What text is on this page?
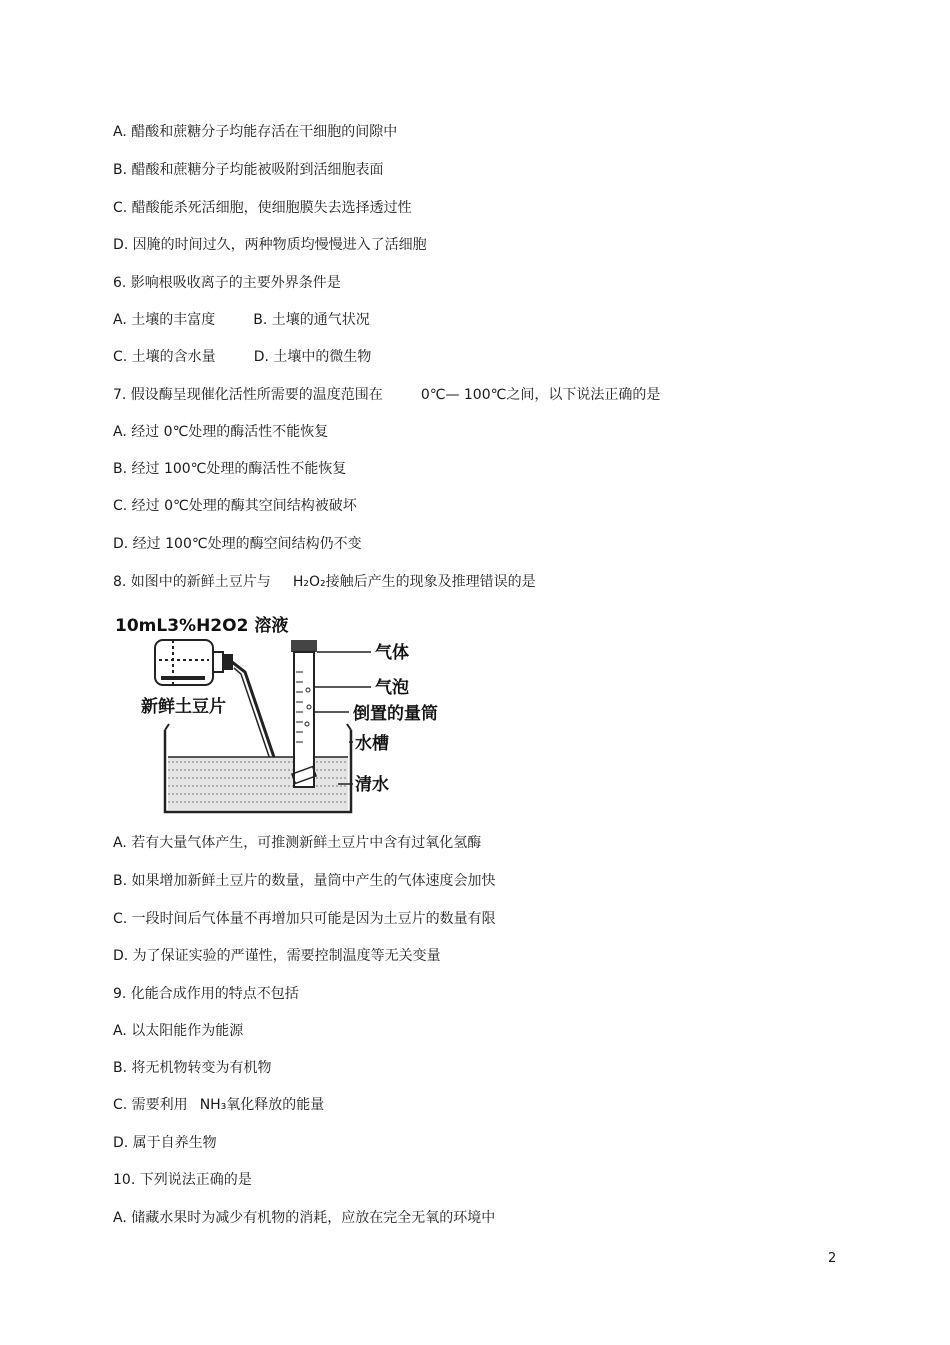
A. 醋酸和蔗糖分子均能存活在干细胞的间隙中
B. 醋酸和蔗糖分子均能被吸附到活细胞表面
C. 醋酸能杀死活细胞，使细胞膜失去选择透过性
D. 因腌的时间过久，两种物质均慢慢进入了活细胞
6. 影响根吸收离子的主要外界条件是
A. 土壤的丰富度	B. 土壤的通气状况
C. 土壤的含水量	D. 土壤中的微生物
7. 假设酶呈现催化活性所需要的温度范围在	0℃— 100℃之间，以下说法正确的是
A. 经过 0℃处理的酶活性不能恢复
B. 经过 100℃处理的酶活性不能恢复
C. 经过 0℃处理的酶其空间结构被破坏
D. 经过 100℃处理的酶空间结构仍不变
8. 如图中的新鲜土豆片与 H₂O₂接触后产生的现象及推理错误的是
10mL3%H2O2 溶液
新鲜土豆片
气体
气泡
倒置的量筒
水槽
清水
A. 若有大量气体产生，可推测新鲜土豆片中含有过氧化氢酶
B. 如果增加新鲜土豆片的数量，量筒中产生的气体速度会加快
C. 一段时间后气体量不再增加只可能是因为土豆片的数量有限
D. 为了保证实验的严谨性，需要控制温度等无关变量
9. 化能合成作用的特点不包括
A. 以太阳能作为能源
B. 将无机物转变为有机物
C. 需要利用 NH₃氧化释放的能量
D. 属于自养生物
10. 下列说法正确的是
A. 储藏水果时为减少有机物的消耗，应放在完全无氧的环境中
2
